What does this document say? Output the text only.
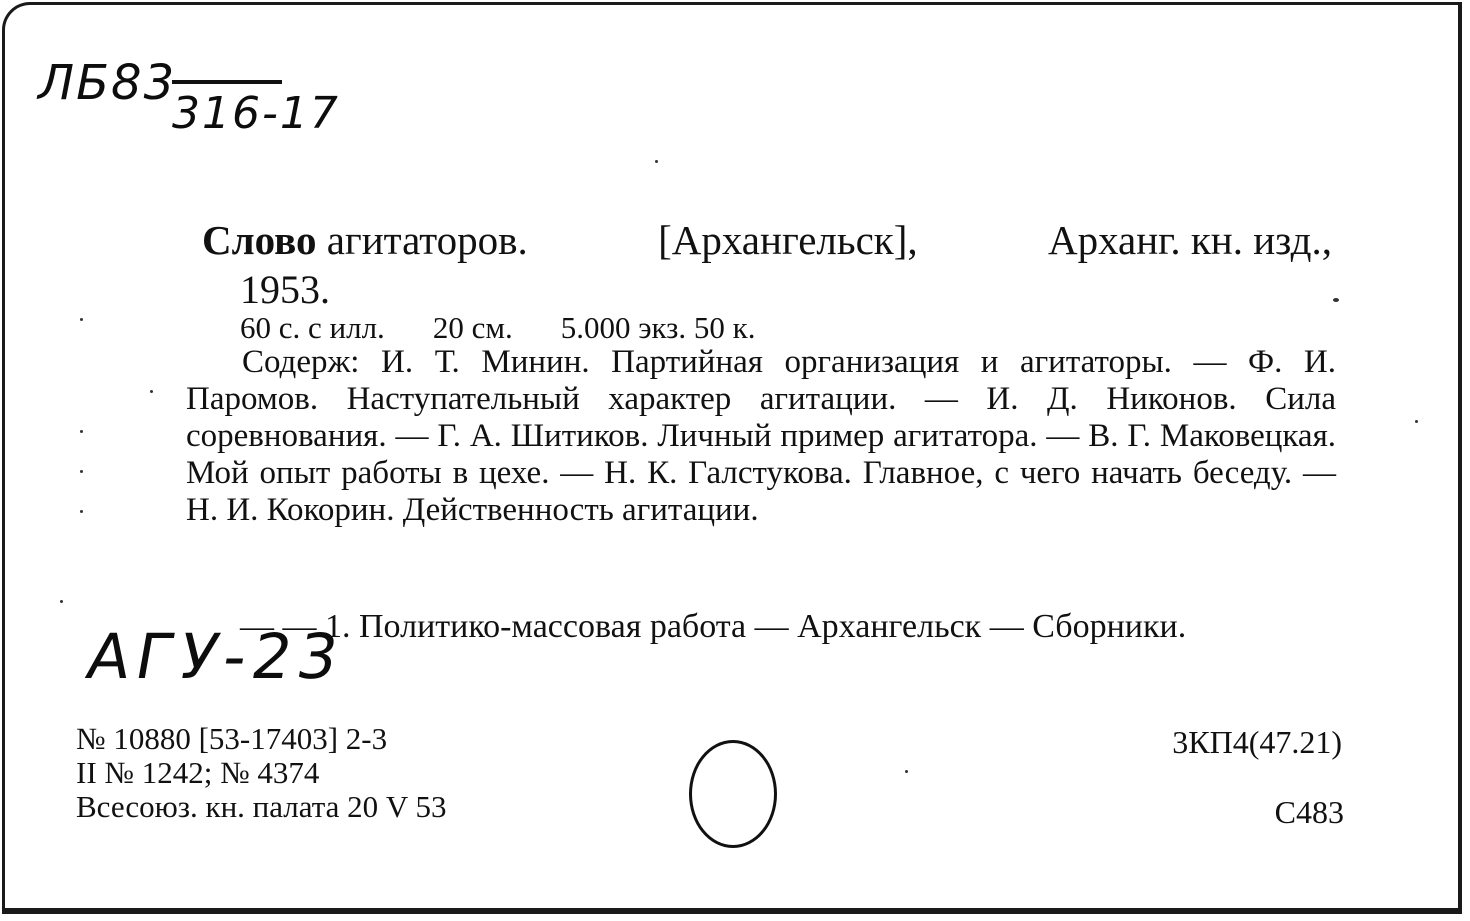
ЛБ83
316-17
Слово агитаторов.	[Архангельск],	Арханг. кн. изд.,
1953.
60 с. с илл. 20 см. 5.000 экз. 50 к.
Содерж: И. Т. Минин. Партийная организация и агитаторы. — Ф. И. Паромов. Наступательный характер агитации. — И. Д. Никонов. Сила соревнования. — Г. А. Шитиков. Личный пример агитатора. — В. Г. Маковецкая. Мой опыт работы в цехе. — Н. К. Галстукова. Главное, с чего начать беседу. — Н. И. Кокорин. Действенность агитации.
— — 1. Политико-массовая работа — Архангельск — Сборники.
АГУ-23
№ 10880 [53-17403] 2-3
II № 1242; № 4374
Всесоюз. кн. палата 20 V 53
3КП4(47.21)
С483
